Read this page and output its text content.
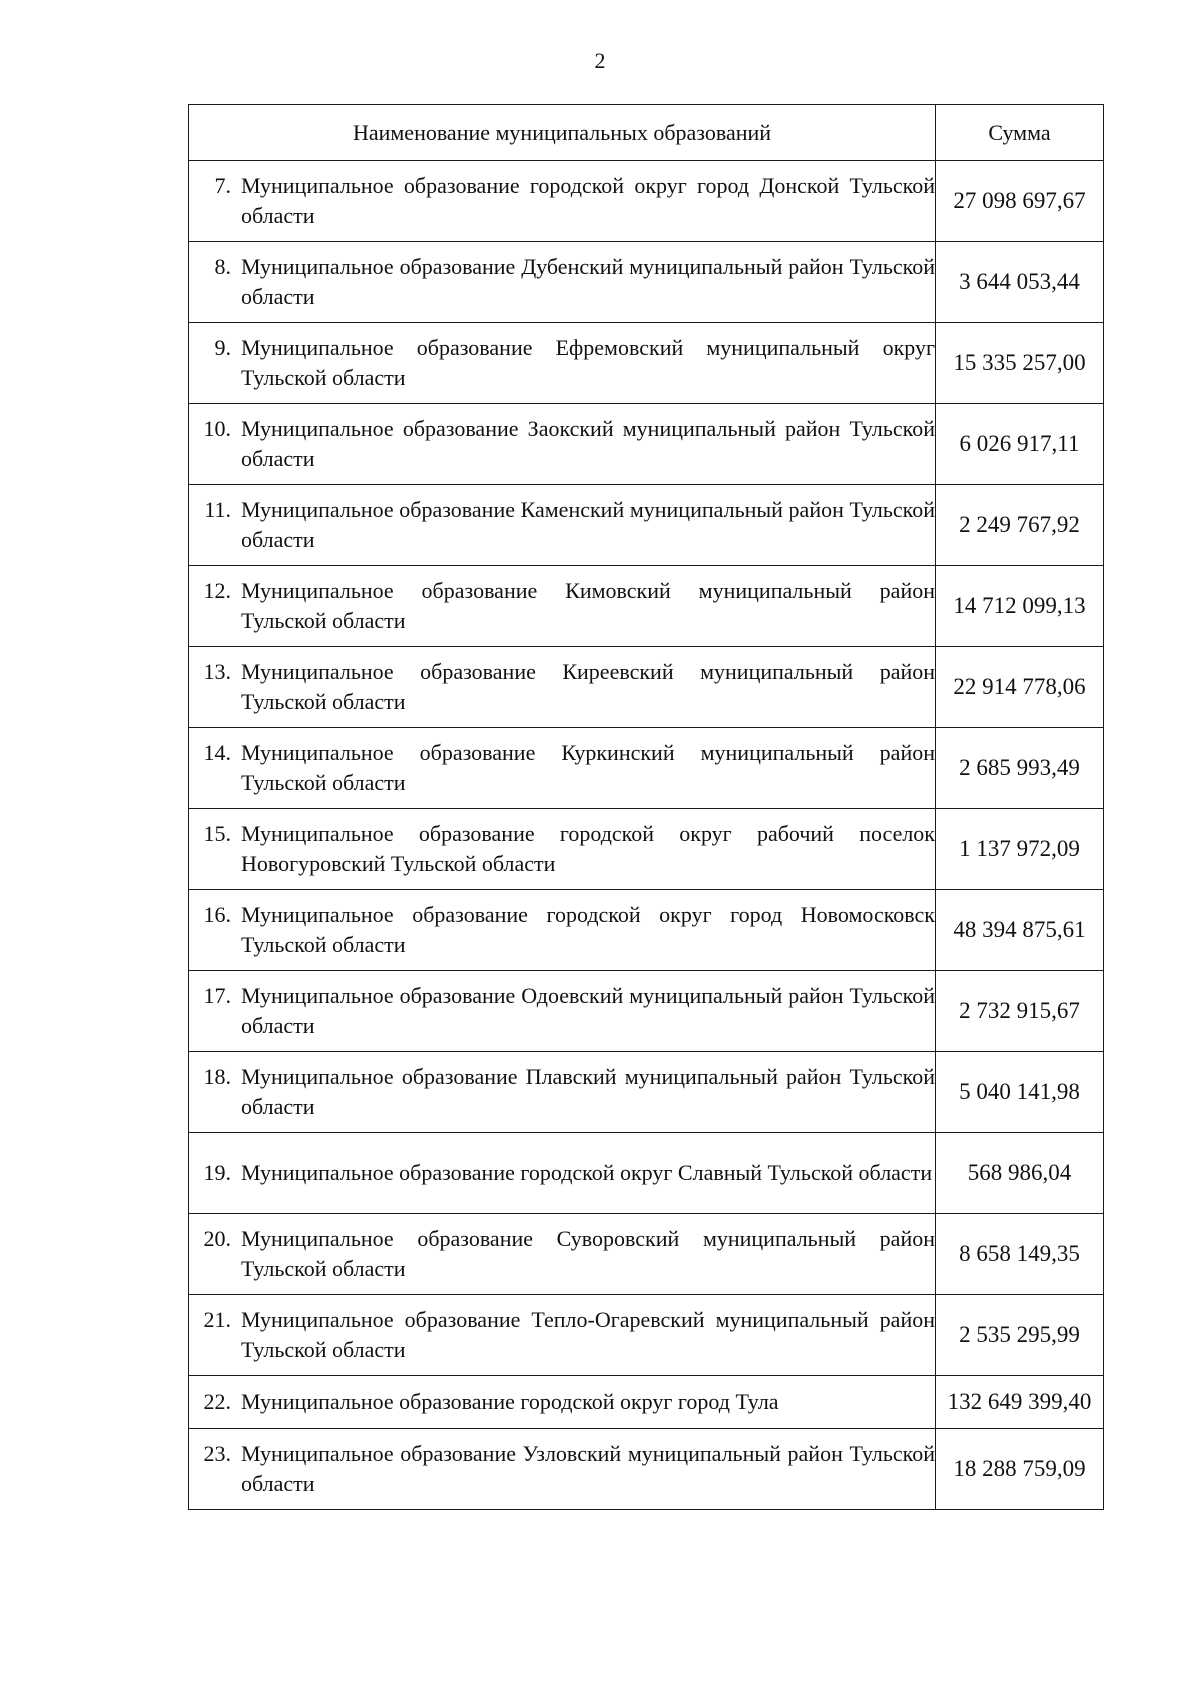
2
Наименование муниципальных образований	Сумма

7. Муниципальное образование городской округ город Донской Тульской области	27 098 697,67

8. Муниципальное образование Дубенский муниципальный район Тульской области	3 644 053,44

9. Муниципальное образование Ефремовский муниципальный округ Тульской области	15 335 257,00

10. Муниципальное образование Заокский муниципальный район Тульской области	6 026 917,11

11. Муниципальное образование Каменский муниципальный район Тульской области	2 249 767,92

12. Муниципальное образование Кимовский муниципальный район Тульской области	14 712 099,13

13. Муниципальное образование Киреевский муниципальный район Тульской области	22 914 778,06

14. Муниципальное образование Куркинский муниципальный район Тульской области	2 685 993,49

15. Муниципальное образование городской округ рабочий поселок Новогуровский Тульской области	1 137 972,09

16. Муниципальное образование городской округ город Новомосковск Тульской области	48 394 875,61

17. Муниципальное образование Одоевский муниципальный район Тульской области	2 732 915,67

18. Муниципальное образование Плавский муниципальный район Тульской области	5 040 141,98

19. Муниципальное образование городской округ Славный Тульской области	568 986,04

20. Муниципальное образование Суворовский муниципальный район Тульской области	8 658 149,35

21. Муниципальное образование Тепло-Огаревский муниципальный район Тульской области	2 535 295,99

22. Муниципальное образование городской округ город Тула	132 649 399,40

23. Муниципальное образование Узловский муниципальный район Тульской области	18 288 759,09
